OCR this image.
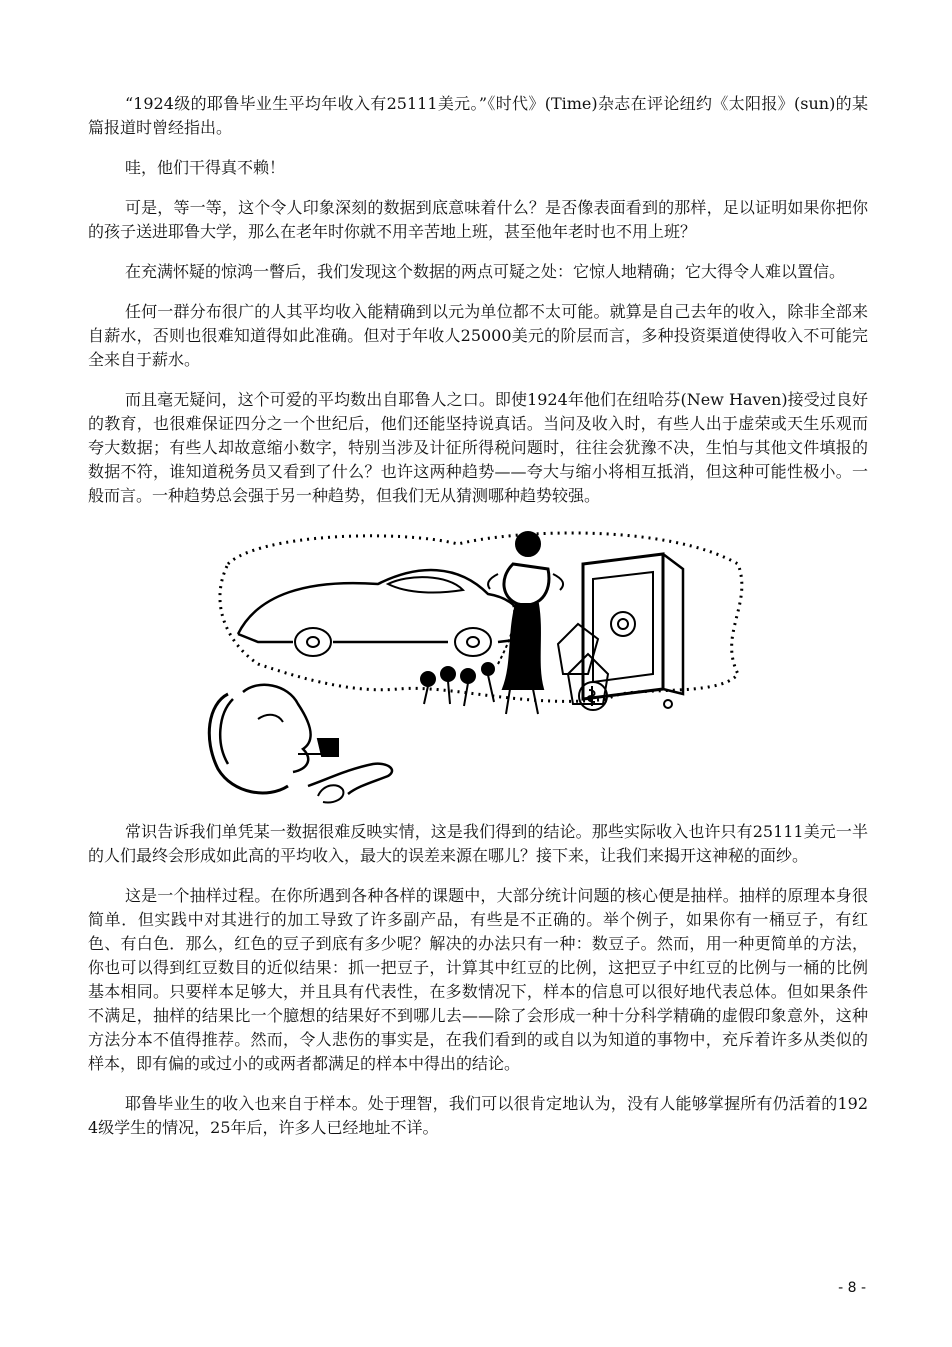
“1924级的耶鲁毕业生平均年收入有25111美元。”《时代》(Time)杂志在评论纽约《太阳报》(sun)的某篇报道时曾经指出。

哇，他们干得真不赖！

可是，等一等，这个令人印象深刻的数据到底意味着什么？是否像表面看到的那样，足以证明如果你把你的孩子送进耶鲁大学，那么在老年时你就不用辛苦地上班，甚至他年老时也不用上班？

在充满怀疑的惊鸿一瞥后，我们发现这个数据的两点可疑之处：它惊人地精确；它大得令人难以置信。

任何一群分布很广的人其平均收入能精确到以元为单位都不太可能。就算是自己去年的收入，除非全部来自薪水，否则也很难知道得如此准确。但对于年收人25000美元的阶层而言，多种投资渠道使得收入不可能完全来自于薪水。

而且毫无疑问，这个可爱的平均数出自耶鲁人之口。即使1924年他们在纽哈芬(New Haven)接受过良好的教育，也很难保证四分之一个世纪后，他们还能坚持说真话。当问及收入时，有些人出于虚荣或天生乐观而夸大数据；有些人却故意缩小数字，特别当涉及计征所得税问题时，往往会犹豫不决，生怕与其他文件填报的数据不符，谁知道税务员又看到了什么？也许这两种趋势——夸大与缩小将相互抵消，但这种可能性极小。一般而言。一种趋势总会强于另一种趋势，但我们无从猜测哪种趋势较强。

常识告诉我们单凭某一数据很难反映实情，这是我们得到的结论。那些实际收入也许只有25111美元一半的人们最终会形成如此高的平均收入，最大的误差来源在哪儿？接下来，让我们来揭开这神秘的面纱。

这是一个抽样过程。在你所遇到各种各样的课题中，大部分统计问题的核心便是抽样。抽样的原理本身很简单．但实践中对其进行的加工导致了许多副产品，有些是不正确的。举个例子，如果你有一桶豆子，有红色、有白色．那么，红色的豆子到底有多少呢？解决的办法只有一种：数豆子。然而，用一种更简单的方法，你也可以得到红豆数目的近似结果：抓一把豆子，计算其中红豆的比例，这把豆子中红豆的比例与一桶的比例基本相同。只要样本足够大，并且具有代表性，在多数情况下，样本的信息可以很好地代表总体。但如果条件不满足，抽样的结果比一个臆想的结果好不到哪儿去——除了会形成一种十分科学精确的虚假印象意外，这种方法分本不值得推荐。然而，令人悲伤的事实是，在我们看到的或自以为知道的事物中，充斥着许多从类似的样本，即有偏的或过小的或两者都满足的样本中得出的结论。

耶鲁毕业生的收入也来自于样本。处于理智，我们可以很肯定地认为，没有人能够掌握所有仍活着的1924级学生的情况，25年后，许多人已经地址不详。

- 8 -
